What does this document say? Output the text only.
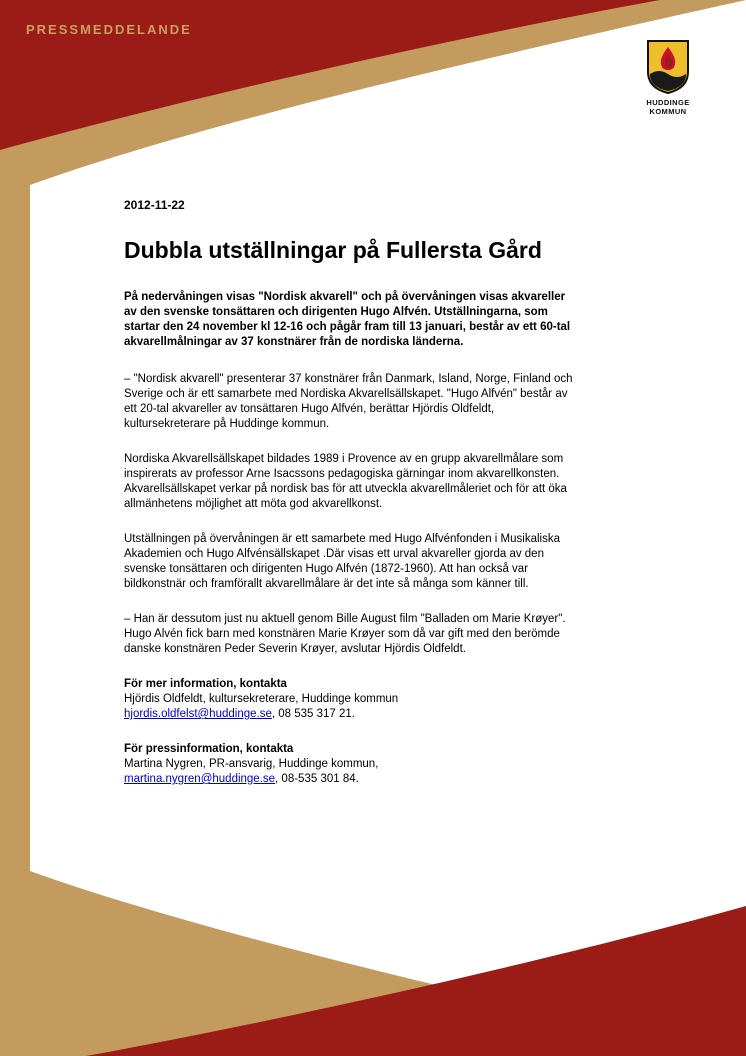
PRESSMEDDELANDE
HUDDINGE
KOMMUN

2012-11-22

Dubbla utställningar på Fullersta Gård

På nedervåningen visas "Nordisk akvarell" och på övervåningen visas akvareller av den svenske tonsättaren och dirigenten Hugo Alfvén. Utställningarna, som startar den 24 november kl 12-16 och pågår fram till 13 januari, består av ett 60-tal akvarellmålningar av 37 konstnärer från de nordiska länderna.

– "Nordisk akvarell" presenterar 37 konstnärer från Danmark, Island, Norge, Finland och Sverige och är ett samarbete med Nordiska Akvarellsällskapet. "Hugo Alfvén" består av ett 20-tal akvareller av tonsättaren Hugo Alfvén, berättar Hjördis Oldfeldt, kultursekreterare på Huddinge kommun.

Nordiska Akvarellsällskapet bildades 1989 i Provence av en grupp akvarellmålare som inspirerats av professor Arne Isacssons pedagogiska gärningar inom akvarellkonsten. Akvarellsällskapet verkar på nordisk bas för att utveckla akvarellmåleriet och för att öka allmänhetens möjlighet att möta god akvarellkonst.

Utställningen på övervåningen är ett samarbete med Hugo Alfvénfonden i Musikaliska Akademien och Hugo Alfvénsällskapet .Där visas ett urval akvareller gjorda av den svenske tonsättaren och dirigenten Hugo Alfvén (1872-1960). Att han också var bildkonstnär och framförallt akvarellmålare är det inte så många som känner till.

– Han är dessutom just nu aktuell genom Bille August film "Balladen om Marie Krøyer". Hugo Alvén fick barn med konstnären Marie Krøyer som då var gift med den berömde danske konstnären Peder Severin Krøyer, avslutar Hjördis Oldfeldt.

För mer information, kontakta

Hjördis Oldfeldt, kultursekreterare, Huddinge kommun

hjordis.oldfelst@huddinge.se, 08 535 317 21.

För pressinformation, kontakta

Martina Nygren, PR-ansvarig, Huddinge kommun,

martina.nygren@huddinge.se, 08-535 301 84.
